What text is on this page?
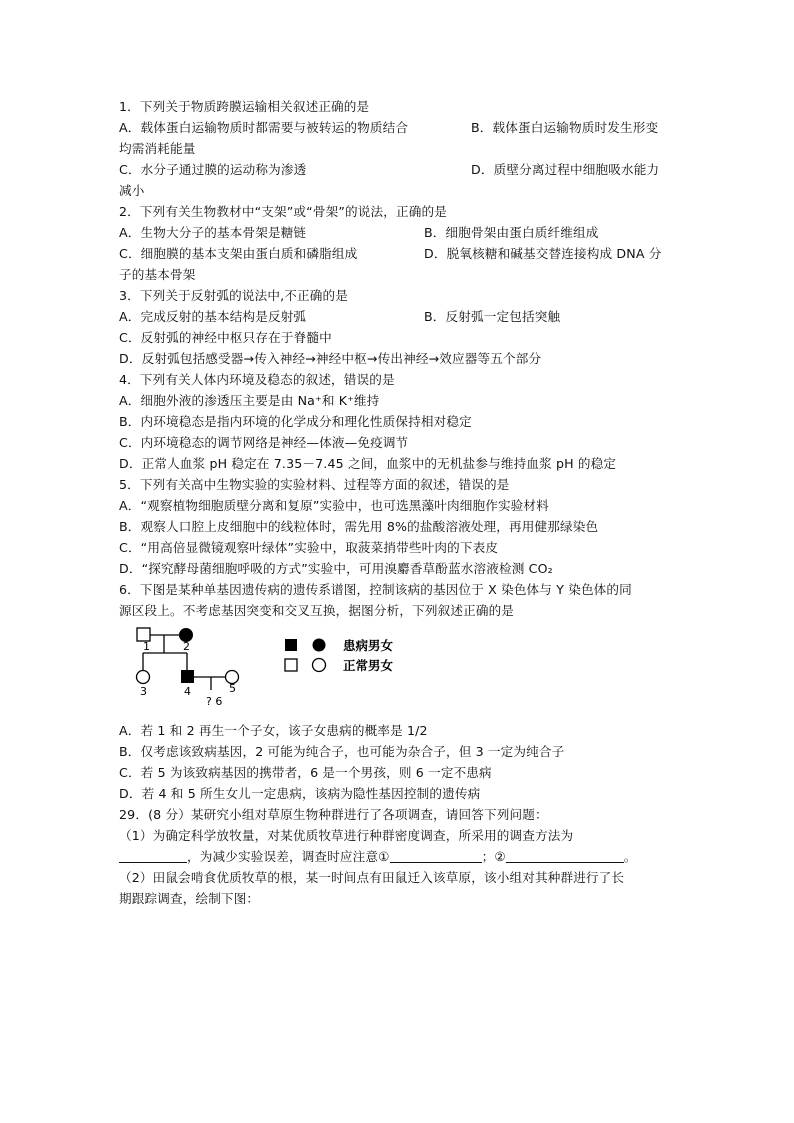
1．下列关于物质跨膜运输相关叙述正确的是
A．载体蛋白运输物质时都需要与被转运的物质结合	B．载体蛋白运输物质时发生形变
均需消耗能量
C．水分子通过膜的运动称为渗透	D．质壁分离过程中细胞吸水能力
减小
2．下列有关生物教材中“支架”或“骨架”的说法，正确的是
A．生物大分子的基本骨架是糖链	B．细胞骨架由蛋白质纤维组成
C．细胞膜的基本支架由蛋白质和磷脂组成	D．脱氧核糖和碱基交替连接构成 DNA 分
子的基本骨架
3．下列关于反射弧的说法中,不正确的是
A．完成反射的基本结构是反射弧	B．反射弧一定包括突触
C．反射弧的神经中枢只存在于脊髓中
D．反射弧包括感受器→传入神经→神经中枢→传出神经→效应器等五个部分
4．下列有关人体内环境及稳态的叙述，错误的是
A．细胞外液的渗透压主要是由 Na⁺和 K⁺维持
B．内环境稳态是指内环境的化学成分和理化性质保持相对稳定
C．内环境稳态的调节网络是神经—体液—免疫调节
D．正常人血浆 pH 稳定在 7.35－7.45 之间，血浆中的无机盐参与维持血浆 pH 的稳定
5．下列有关高中生物实验的实验材料、过程等方面的叙述，错误的是
A．“观察植物细胞质壁分离和复原”实验中，也可选黑藻叶肉细胞作实验材料
B．观察人口腔上皮细胞中的线粒体时，需先用 8%的盐酸溶液处理，再用健那绿染色
C．“用高倍显微镜观察叶绿体”实验中，取菠菜捎带些叶肉的下表皮
D．“探究酵母菌细胞呼吸的方式”实验中，可用溴麝香草酚蓝水溶液检测 CO₂
6．下图是某种单基因遗传病的遗传系谱图，控制该病的基因位于 X 染色体与 Y 染色体的同
源区段上。不考虑基因突变和交叉互换，据图分析，下列叙述正确的是
1	2
3	4	5
? 6
患病男女
正常男女
A．若 1 和 2 再生一个子女，该子女患病的概率是 1/2
B．仅考虑该致病基因，2 可能为纯合子，也可能为杂合子，但 3 一定为纯合子
C．若 5 为该致病基因的携带者，6 是一个男孩，则 6 一定不患病
D．若 4 和 5 所生女儿一定患病，该病为隐性基因控制的遗传病
29．(8 分）某研究小组对草原生物种群进行了各项调查，请回答下列问题：
（1）为确定科学放牧量，对某优质牧草进行种群密度调查，所采用的调查方法为
，为减少实验误差，调查时应注意①	；②	。
（2）田鼠会啃食优质牧草的根，某一时间点有田鼠迁入该草原，该小组对其种群进行了长
期跟踪调查，绘制下图：
